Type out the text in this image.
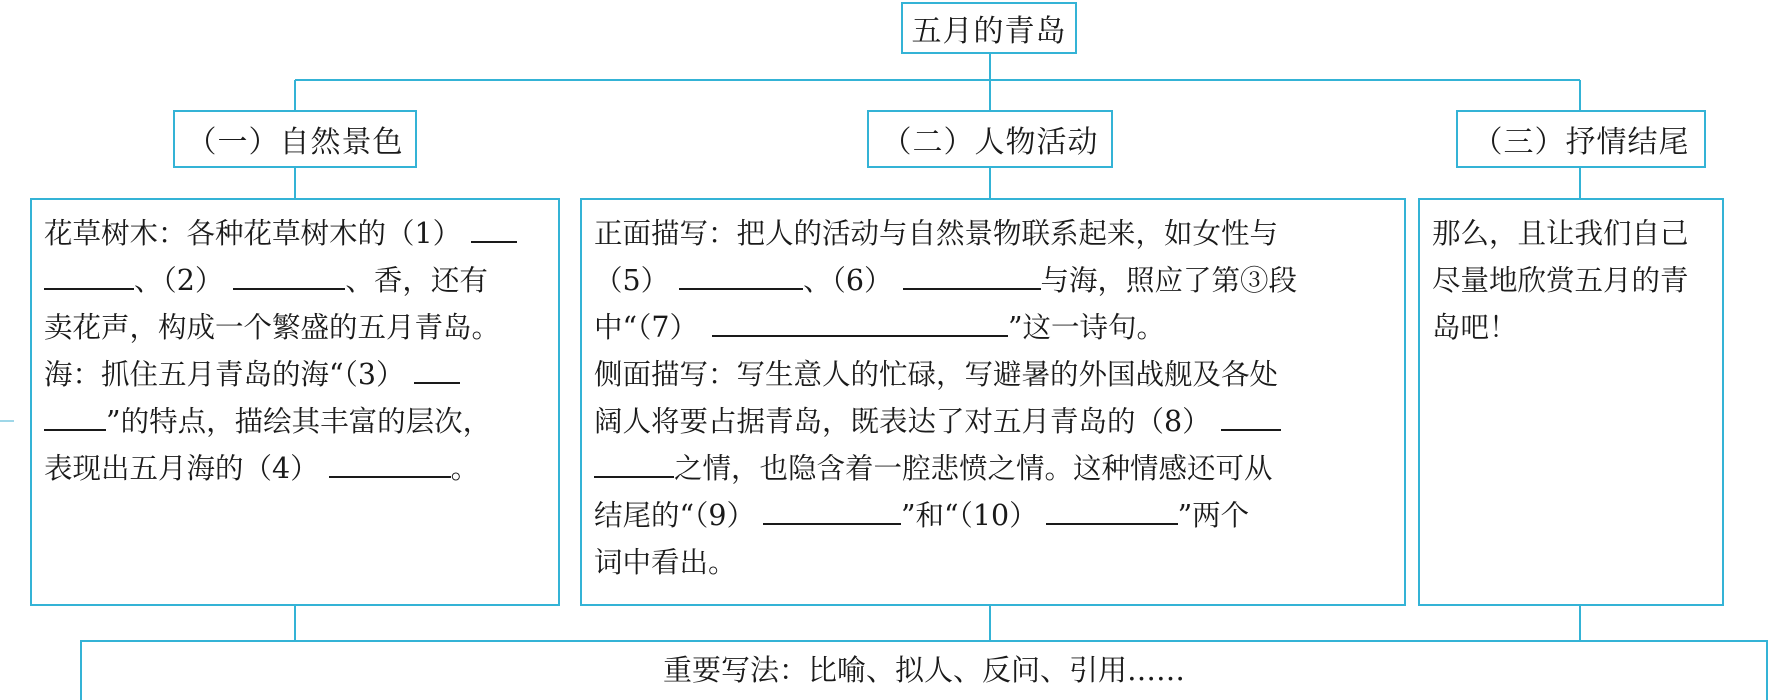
五月的青岛
（一）自然景色	（二）人物活动	（三）抒情结尾

花草树木：各种花草树木的（1）

、（2）	、香，还有

卖花声，构成一个繁盛的五月青岛。

海：抓住五月青岛的海“（3）

”的特点，描绘其丰富的层次，

表现出五月海的（4）	。

正面描写：把人的活动与自然景物联系起来，如女性与

（5）	、（6）	与海，照应了第③段

中“（7）	”这一诗句。

侧面描写：写生意人的忙碌，写避暑的外国战舰及各处

阔人将要占据青岛，既表达了对五月青岛的（8）

之情，也隐含着一腔悲愤之情。这种情感还可从

结尾的“（9）	”和“（10）	”两个

词中看出。

那么，且让我们自己尽量地欣赏五月的青岛吧！

重要写法：比喻、拟人、反问、引用……
